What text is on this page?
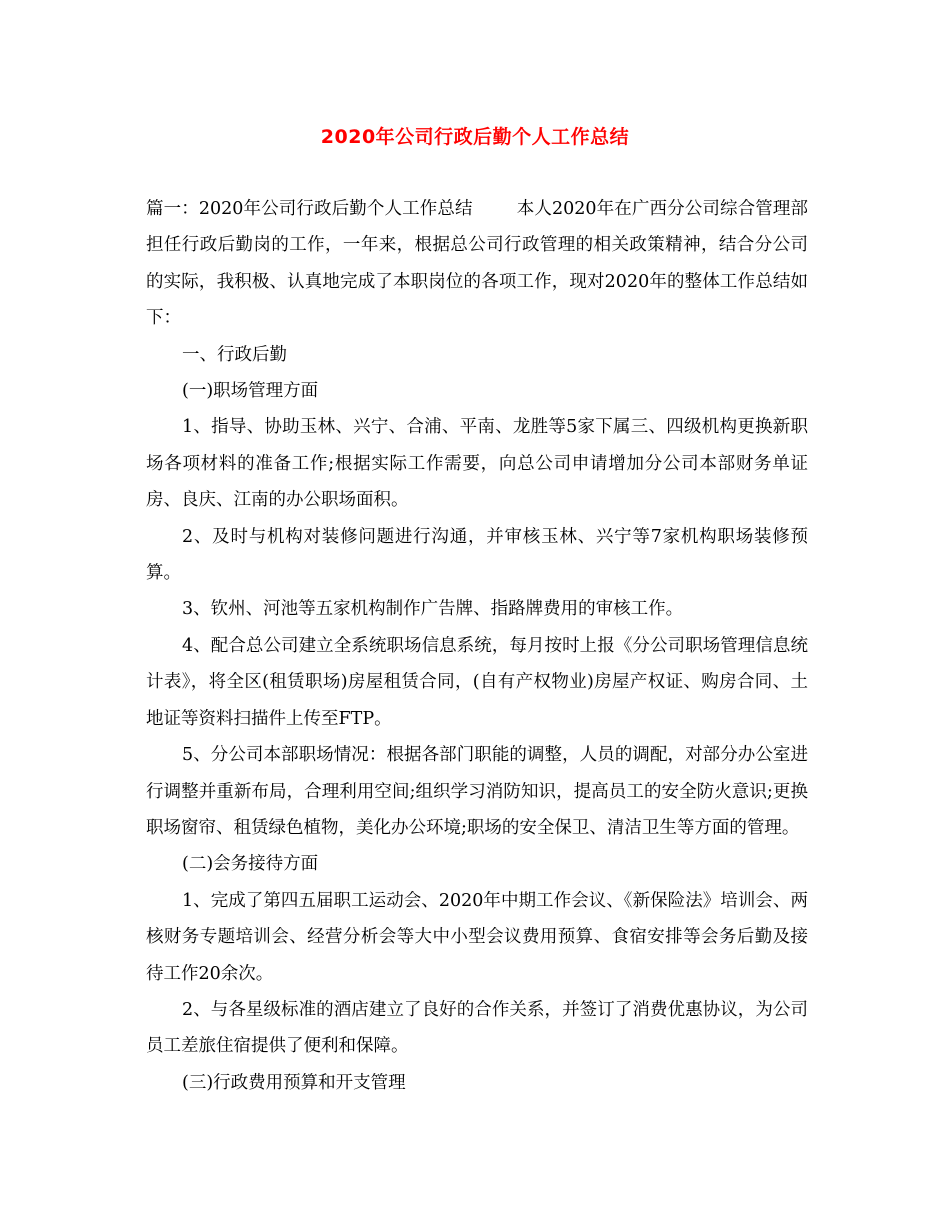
2020年公司行政后勤个人工作总结

篇一：2020年公司行政后勤个人工作总结	本人2020年在广西分公司综合管理部担任行政后勤岗的工作，一年来，根据总公司行政管理的相关政策精神，结合分公司的实际，我积极、认真地完成了本职岗位的各项工作，现对2020年的整体工作总结如下：

一、行政后勤

(一)职场管理方面

1、指导、协助玉林、兴宁、合浦、平南、龙胜等5家下属三、四级机构更换新职场各项材料的准备工作;根据实际工作需要，向总公司申请增加分公司本部财务单证房、良庆、江南的办公职场面积。

2、及时与机构对装修问题进行沟通，并审核玉林、兴宁等7家机构职场装修预算。

3、钦州、河池等五家机构制作广告牌、指路牌费用的审核工作。

4、配合总公司建立全系统职场信息系统，每月按时上报《分公司职场管理信息统计表》，将全区(租赁职场)房屋租赁合同，(自有产权物业)房屋产权证、购房合同、土地证等资料扫描件上传至FTP。

5、分公司本部职场情况：根据各部门职能的调整，人员的调配，对部分办公室进行调整并重新布局，合理利用空间;组织学习消防知识，提高员工的安全防火意识;更换职场窗帘、租赁绿色植物，美化办公环境;职场的安全保卫、清洁卫生等方面的管理。

(二)会务接待方面

1、完成了第四五届职工运动会、2020年中期工作会议、《新保险法》培训会、两核财务专题培训会、经营分析会等大中小型会议费用预算、食宿安排等会务后勤及接待工作20余次。

2、与各星级标准的酒店建立了良好的合作关系，并签订了消费优惠协议，为公司员工差旅住宿提供了便利和保障。

(三)行政费用预算和开支管理
